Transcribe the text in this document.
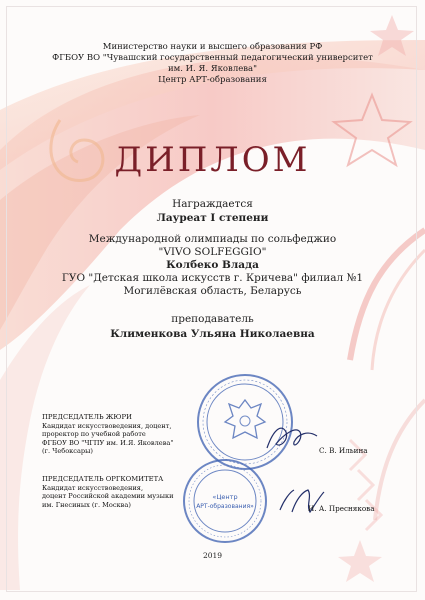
Министерство науки и высшего образования РФ
ФГБОУ ВО "Чувашский государственный педагогический университет
им. И. Я. Яковлева"
Центр АРТ-образования
ДИПЛОМ
Награждается
Лауреат I степени
Международной олимпиады по сольфеджио
"VIVO SOLFEGGIO"
Колбеко Влада
ГУО "Детская школа искусств г. Кричева" филиал №1
Могилёвская область, Беларусь
преподаватель
Клименкова Ульяна Николаевна
«Центр
АРТ-образования»
ПРЕДСЕДАТЕЛЬ ЖЮРИ
Кандидат искусствоведения, доцент,
проректор по учебной работе
ФГБОУ ВО "ЧГПУ им. И.Я. Яковлева"
(г. Чебоксары)	С. В. Ильина
ПРЕДСЕДАТЕЛЬ ОРГКОМИТЕТА
Кандидат искусствоведения,
доцент Российской академии музыки
им. Гнесиных (г. Москва)	И. А. Преснякова
2019
